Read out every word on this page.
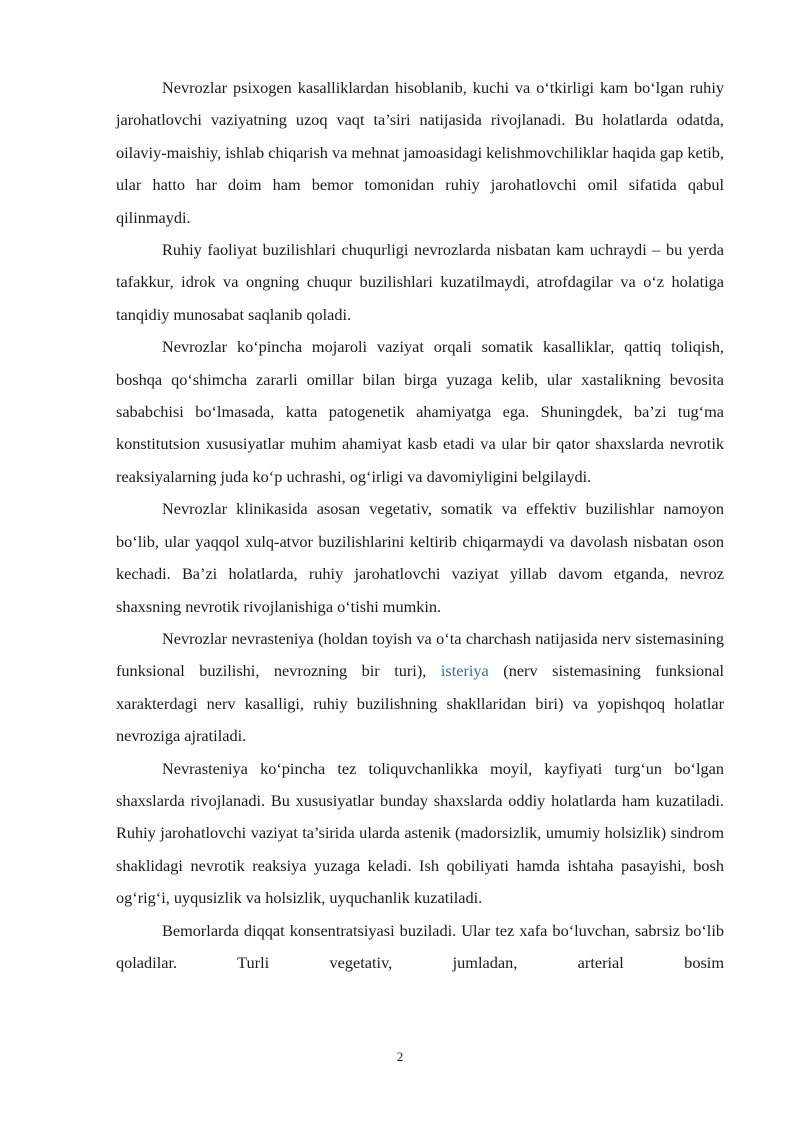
Nevrozlar psixogen kasalliklardan hisoblanib, kuchi va o‘tkirligi kam bo‘lgan ruhiy jarohatlovchi vaziyatning uzoq vaqt ta’siri natijasida rivojlanadi. Bu holatlarda odatda, oilaviy-maishiy, ishlab chiqarish va mehnat jamoasidagi kelishmovchiliklar haqida gap ketib, ular hatto har doim ham bemor tomonidan ruhiy jarohatlovchi omil sifatida qabul qilinmaydi.

Ruhiy faoliyat buzilishlari chuqurligi nevrozlarda nisbatan kam uchraydi – bu yerda tafakkur, idrok va ongning chuqur buzilishlari kuzatilmaydi, atrofdagilar va o‘z holatiga tanqidiy munosabat saqlanib qoladi.

Nevrozlar ko‘pincha mojaroli vaziyat orqali somatik kasalliklar, qattiq toliqish, boshqa qo‘shimcha zararli omillar bilan birga yuzaga kelib, ular xastalikning bevosita sababchisi bo‘lmasada, katta patogenetik ahamiyatga ega. Shuningdek, ba’zi tug‘ma konstitutsion xususiyatlar muhim ahamiyat kasb etadi va ular bir qator shaxslarda nevrotik reaksiyalarning juda ko‘p uchrashi, og‘irligi va davomiyligini belgilaydi.

Nevrozlar klinikasida asosan vegetativ, somatik va effektiv buzilishlar namoyon bo‘lib, ular yaqqol xulq-atvor buzilishlarini keltirib chiqarmaydi va davolash nisbatan oson kechadi. Ba’zi holatlarda, ruhiy jarohatlovchi vaziyat yillab davom etganda, nevroz shaxsning nevrotik rivojlanishiga o‘tishi mumkin.

Nevrozlar nevrasteniya (holdan toyish va o‘ta charchash natijasida nerv sistemasining funksional buzilishi, nevrozning bir turi), isteriya (nerv sistemasining funksional xarakterdagi nerv kasalligi, ruhiy buzilishning shakllaridan biri) va yopishqoq holatlar nevroziga ajratiladi.

Nevrasteniya ko‘pincha tez toliquvchanlikka moyil, kayfiyati turg‘un bo‘lgan shaxslarda rivojlanadi. Bu xususiyatlar bunday shaxslarda oddiy holatlarda ham kuzatiladi. Ruhiy jarohatlovchi vaziyat ta’sirida ularda astenik (madorsizlik, umumiy holsizlik) sindrom shaklidagi nevrotik reaksiya yuzaga keladi. Ish qobiliyati hamda ishtaha pasayishi, bosh og‘rig‘i, uyqusizlik va holsizlik, uyquchanlik kuzatiladi.

Bemorlarda diqqat konsentratsiyasi buziladi. Ular tez xafa bo‘luvchan, sabrsiz bo‘lib qoladilar. Turli vegetativ, jumladan, arterial bosim

2
